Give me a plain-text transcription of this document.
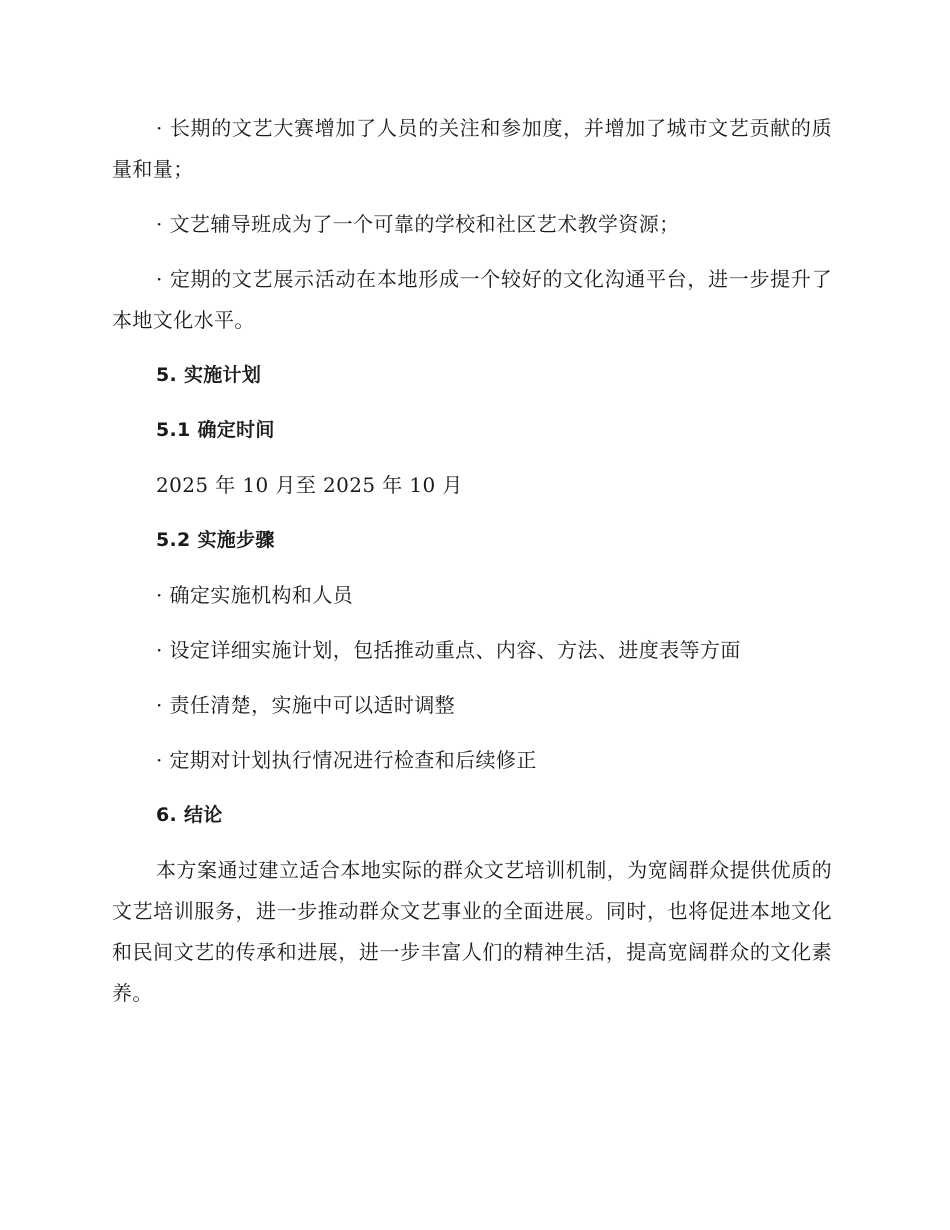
· 长期的文艺大赛增加了人员的关注和参加度，并增加了城市文艺贡献的质量和量；

· 文艺辅导班成为了一个可靠的学校和社区艺术教学资源；

· 定期的文艺展示活动在本地形成一个较好的文化沟通平台，进一步提升了本地文化水平。

5. 实施计划
5.1 确定时间

2025 年 10 月至 2025 年 10 月

5.2 实施步骤

· 确定实施机构和人员

· 设定详细实施计划，包括推动重点、内容、方法、进度表等方面

· 责任清楚，实施中可以适时调整

· 定期对计划执行情况进行检查和后续修正

6. 结论

本方案通过建立适合本地实际的群众文艺培训机制，为宽阔群众提供优质的文艺培训服务，进一步推动群众文艺事业的全面进展。同时，也将促进本地文化和民间文艺的传承和进展，进一步丰富人们的精神生活，提高宽阔群众的文化素养。
